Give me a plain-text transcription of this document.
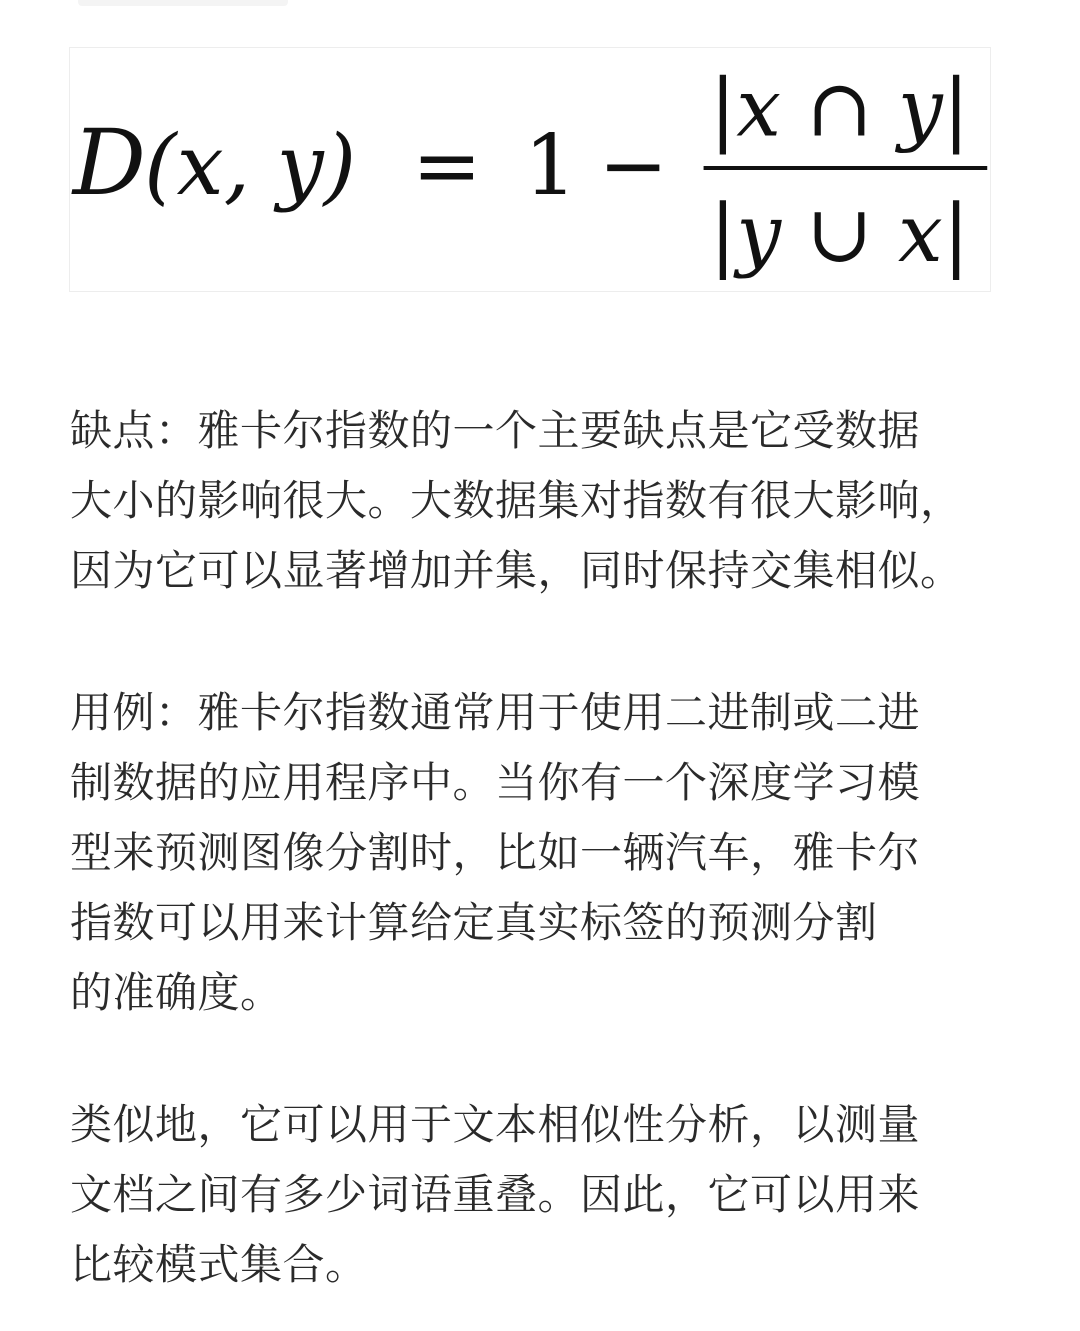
D
(x, y) = 1 −
|x ∩ y|
|y ∪ x|
缺点：雅卡尔指数的一个主要缺点是它受数据
大小的影响很大。大数据集对指数有很大影响，
因为它可以显著增加并集，同时保持交集相似。
用例：雅卡尔指数通常用于使用二进制或二进
制数据的应用程序中。当你有一个深度学习模
型来预测图像分割时，比如一辆汽车，雅卡尔
指数可以用来计算给定真实标签的预测分割
的准确度。
类似地，它可以用于文本相似性分析，以测量
文档之间有多少词语重叠。因此，它可以用来
比较模式集合。
